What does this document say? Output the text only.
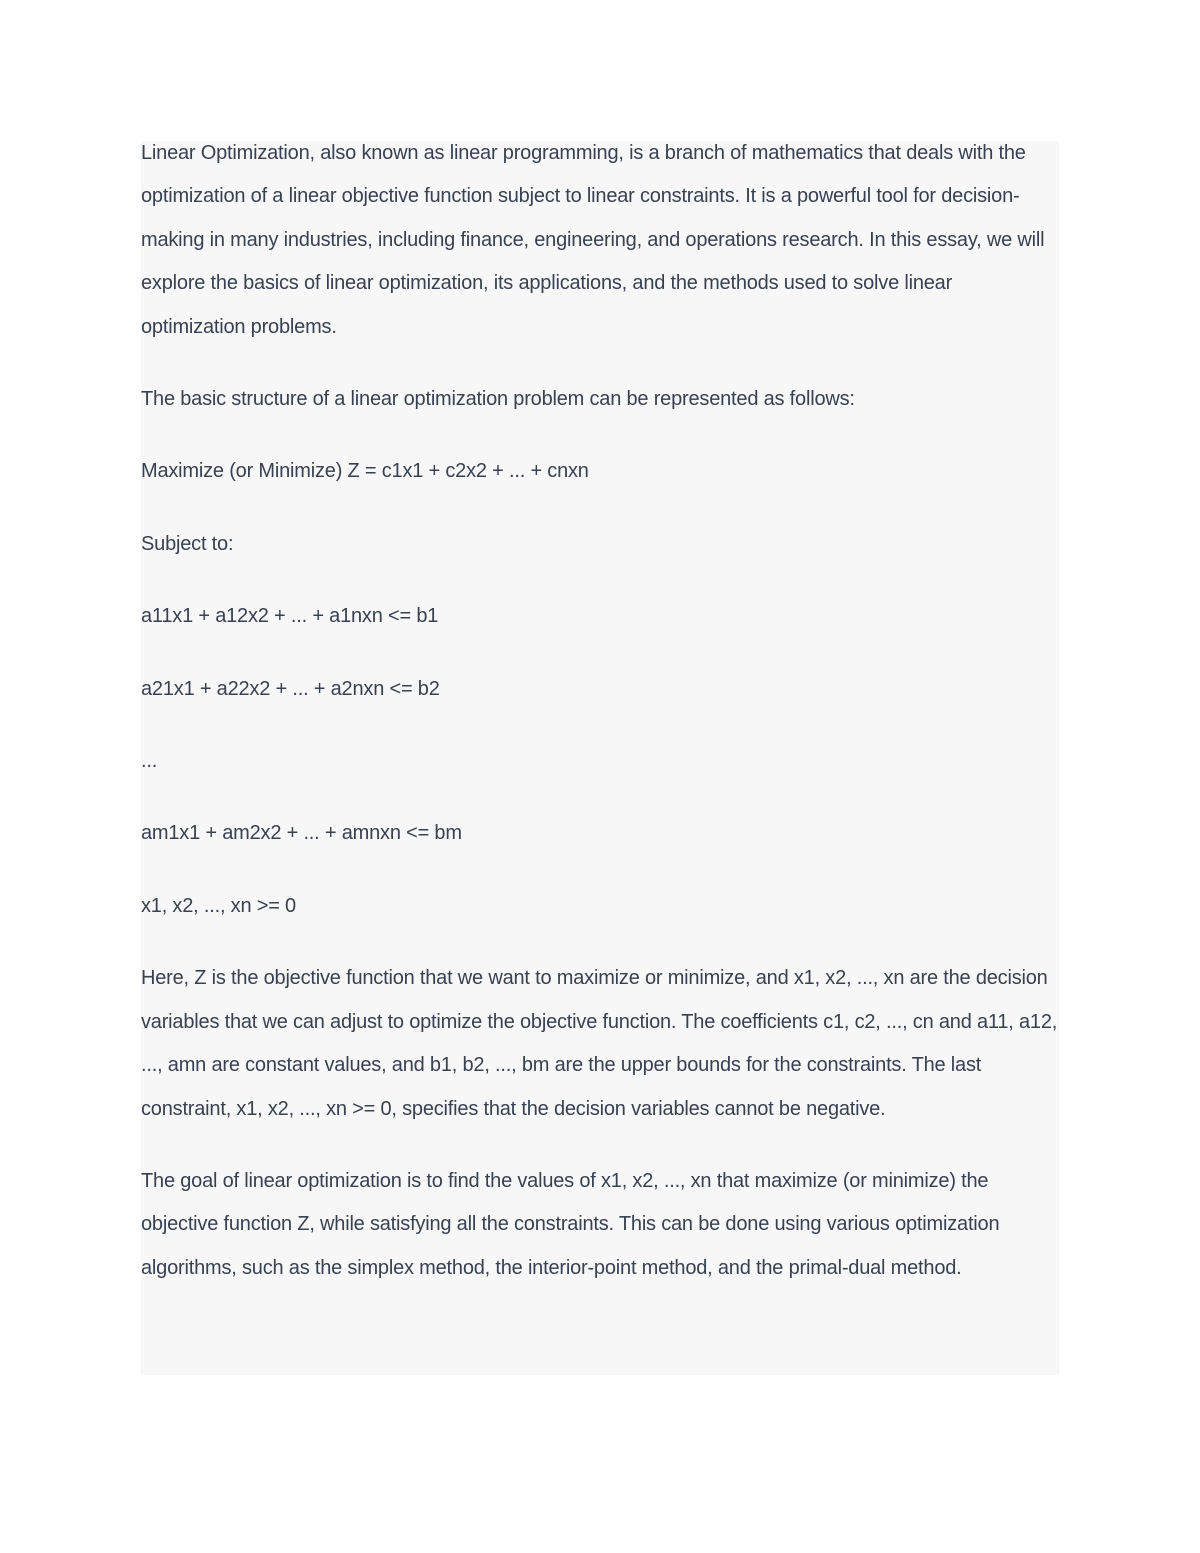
Linear Optimization, also known as linear programming, is a branch of mathematics that deals with the optimization of a linear objective function subject to linear constraints. It is a powerful tool for decision-making in many industries, including finance, engineering, and operations research. In this essay, we will explore the basics of linear optimization, its applications, and the methods used to solve linear optimization problems.

The basic structure of a linear optimization problem can be represented as follows:

Maximize (or Minimize) Z = c1x1 + c2x2 + ... + cnxn

Subject to:

a11x1 + a12x2 + ... + a1nxn <= b1

a21x1 + a22x2 + ... + a2nxn <= b2

...

am1x1 + am2x2 + ... + amnxn <= bm

x1, x2, ..., xn >= 0

Here, Z is the objective function that we want to maximize or minimize, and x1, x2, ..., xn are the decision variables that we can adjust to optimize the objective function. The coefficients c1, c2, ..., cn and a11, a12, ..., amn are constant values, and b1, b2, ..., bm are the upper bounds for the constraints. The last constraint, x1, x2, ..., xn >= 0, specifies that the decision variables cannot be negative.

The goal of linear optimization is to find the values of x1, x2, ..., xn that maximize (or minimize) the objective function Z, while satisfying all the constraints. This can be done using various optimization algorithms, such as the simplex method, the interior-point method, and the primal-dual method.
